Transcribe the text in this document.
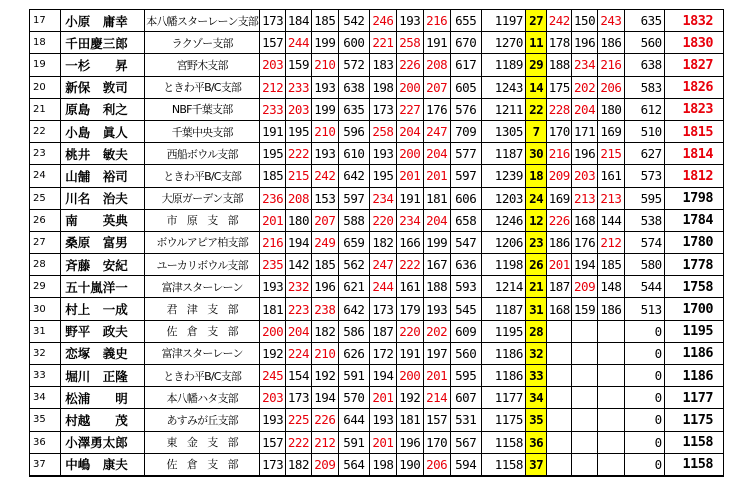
17	小原　庸幸	本八幡スターレーン支部	173	184	185	542	246	193	216	655	1197	27	242	150	243	635	1832
18	千田慶三郎	ラクゾー支部	157	244	199	600	221	258	191	670	1270	11	178	196	186	560	1830
19	一杉　　昇	宮野木支部	203	159	210	572	183	226	208	617	1189	29	188	234	216	638	1827
20	新保　敦司	ときわ平B/C支部	212	233	193	638	198	200	207	605	1243	14	175	202	206	583	1826
21	原島　利之	NBF千葉支部	233	203	199	635	173	227	176	576	1211	22	228	204	180	612	1823
22	小島　眞人	千葉中央支部	191	195	210	596	258	204	247	709	1305	7	170	171	169	510	1815
23	桃井　敏夫	西船ボウル支部	195	222	193	610	193	200	204	577	1187	30	216	196	215	627	1814
24	山舗　裕司	ときわ平B/C支部	185	215	242	642	195	201	201	597	1239	18	209	203	161	573	1812
25	川名　治夫	大原ガーデン支部	236	208	153	597	234	191	181	606	1203	24	169	213	213	595	1798
26	南　　英典	市　原　支　部	201	180	207	588	220	234	204	658	1246	12	226	168	144	538	1784
27	桑原　富男	ボウルアピア柏支部	216	194	249	659	182	166	199	547	1206	23	186	176	212	574	1780
28	斉藤　安紀	ユーカリボウル支部	235	142	185	562	247	222	167	636	1198	26	201	194	185	580	1778
29	五十嵐洋一	富津スターレーン	193	232	196	621	244	161	188	593	1214	21	187	209	148	544	1758
30	村上　一成	君　津　支　部	181	223	238	642	173	179	193	545	1187	31	168	159	186	513	1700
31	野平　政夫	佐　倉　支　部	200	204	182	586	187	220	202	609	1195	28				0	1195
32	恋塚　義史	富津スターレーン	192	224	210	626	172	191	197	560	1186	32				0	1186
33	堀川　正隆	ときわ平B/C支部	245	154	192	591	194	200	201	595	1186	33				0	1186
34	松浦　　明	本八幡ハタ支部	203	173	194	570	201	192	214	607	1177	34				0	1177
35	村越　　茂	あすみが丘支部	193	225	226	644	193	181	157	531	1175	35				0	1175
36	小澤勇太郎	東　金　支　部	157	222	212	591	201	196	170	567	1158	36				0	1158
37	中嶋　康夫	佐　倉　支　部	173	182	209	564	198	190	206	594	1158	37				0	1158
